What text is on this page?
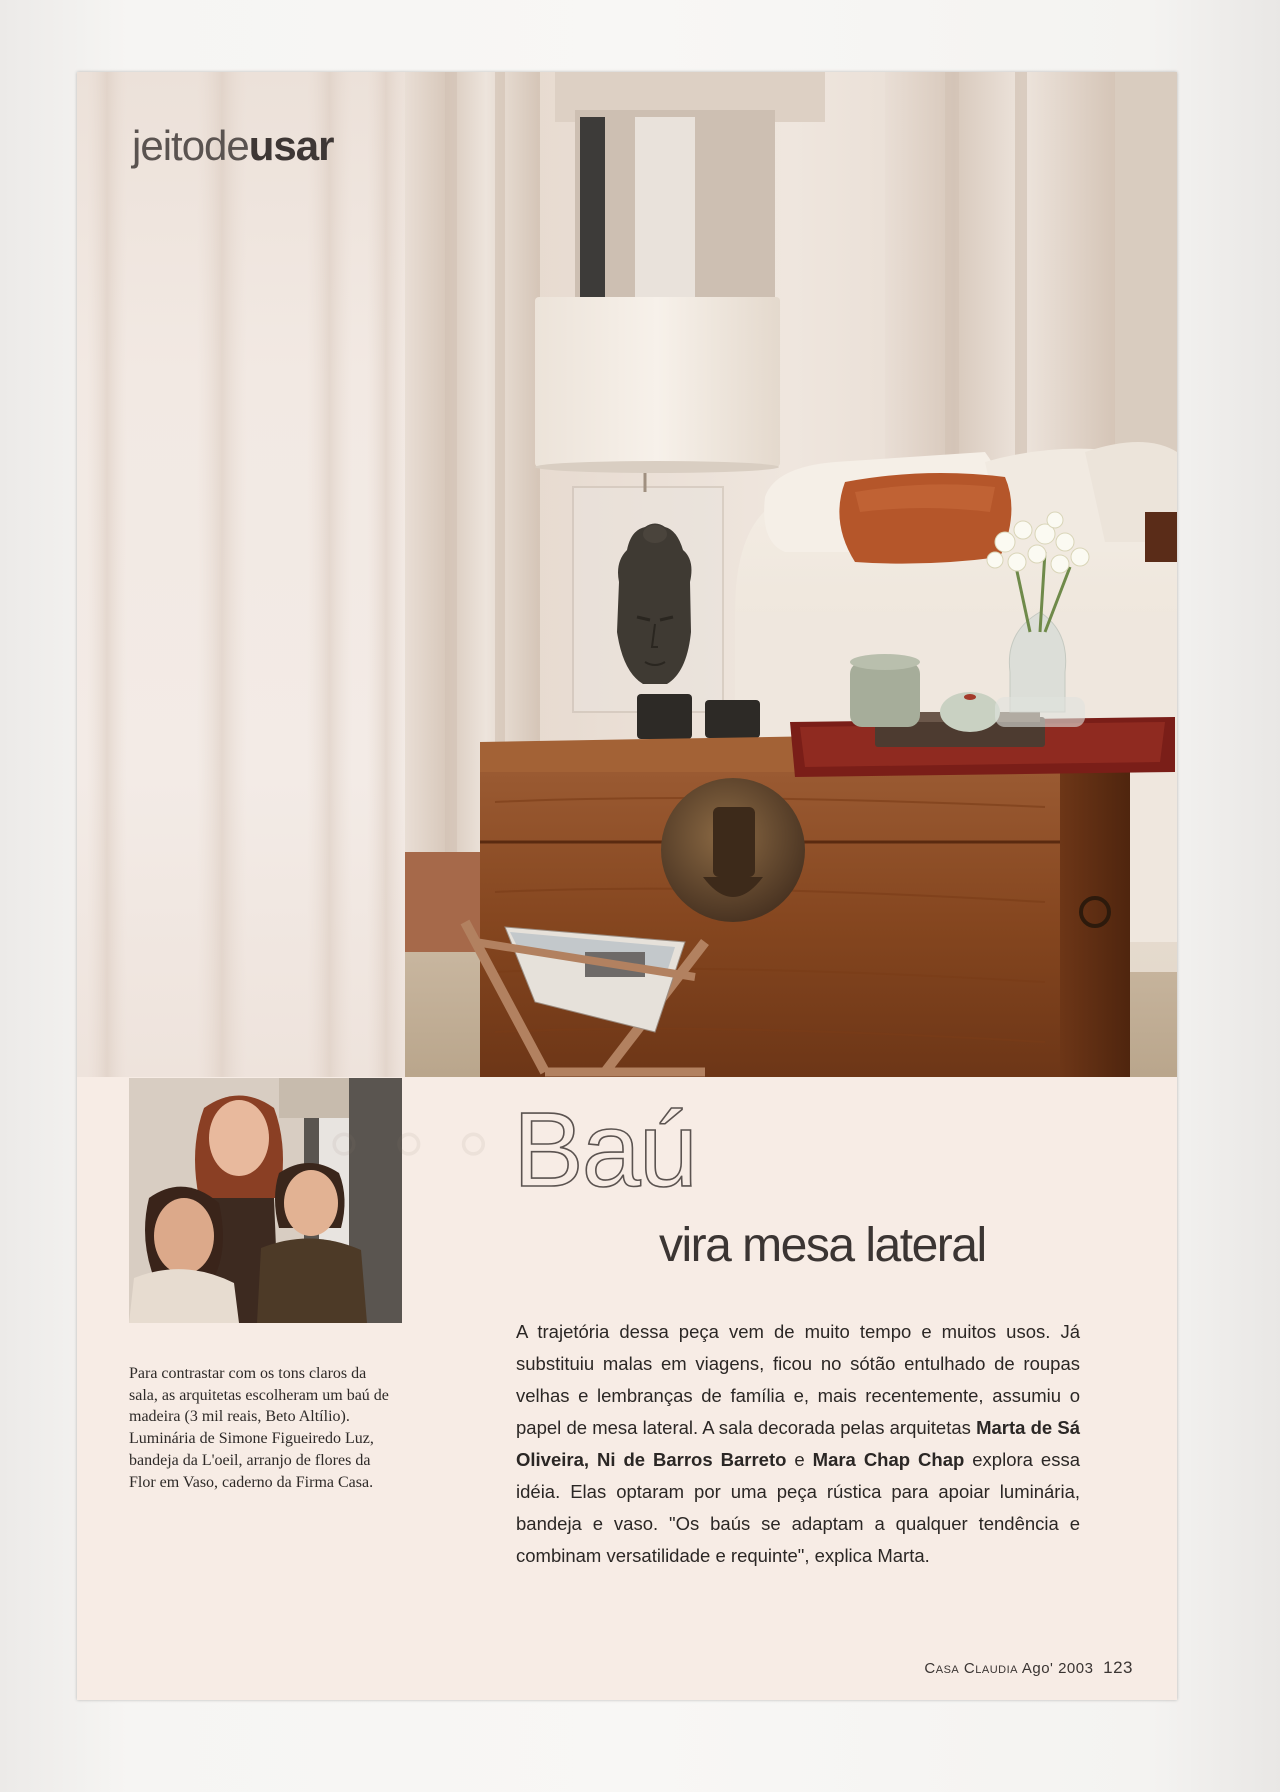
jeitodeusar
Para contrastar com os tons claros da sala, as arquitetas escolheram um baú de madeira (3 mil reais, Beto Altílio). Luminária de Simone Figueiredo Luz, bandeja da L'oeil, arranjo de flores da Flor em Vaso, caderno da Firma Casa.
◦ ◦ ◦ Baú
vira mesa lateral

A trajetória dessa peça vem de muito tempo e muitos usos. Já substituiu malas em viagens, ficou no sótão entulhado de roupas velhas e lembranças de família e, mais recentemente, assumiu o papel de mesa lateral. A sala decorada pelas arquitetas Marta de Sá Oliveira, Ni de Barros Barreto e Mara Chap Chap explora essa idéia. Elas optaram por uma peça rústica para apoiar luminária, bandeja e vaso. "Os baús se adaptam a qualquer tendência e combinam versatilidade e requinte", explica Marta.

Casa Claudia Ago' 2003 123
